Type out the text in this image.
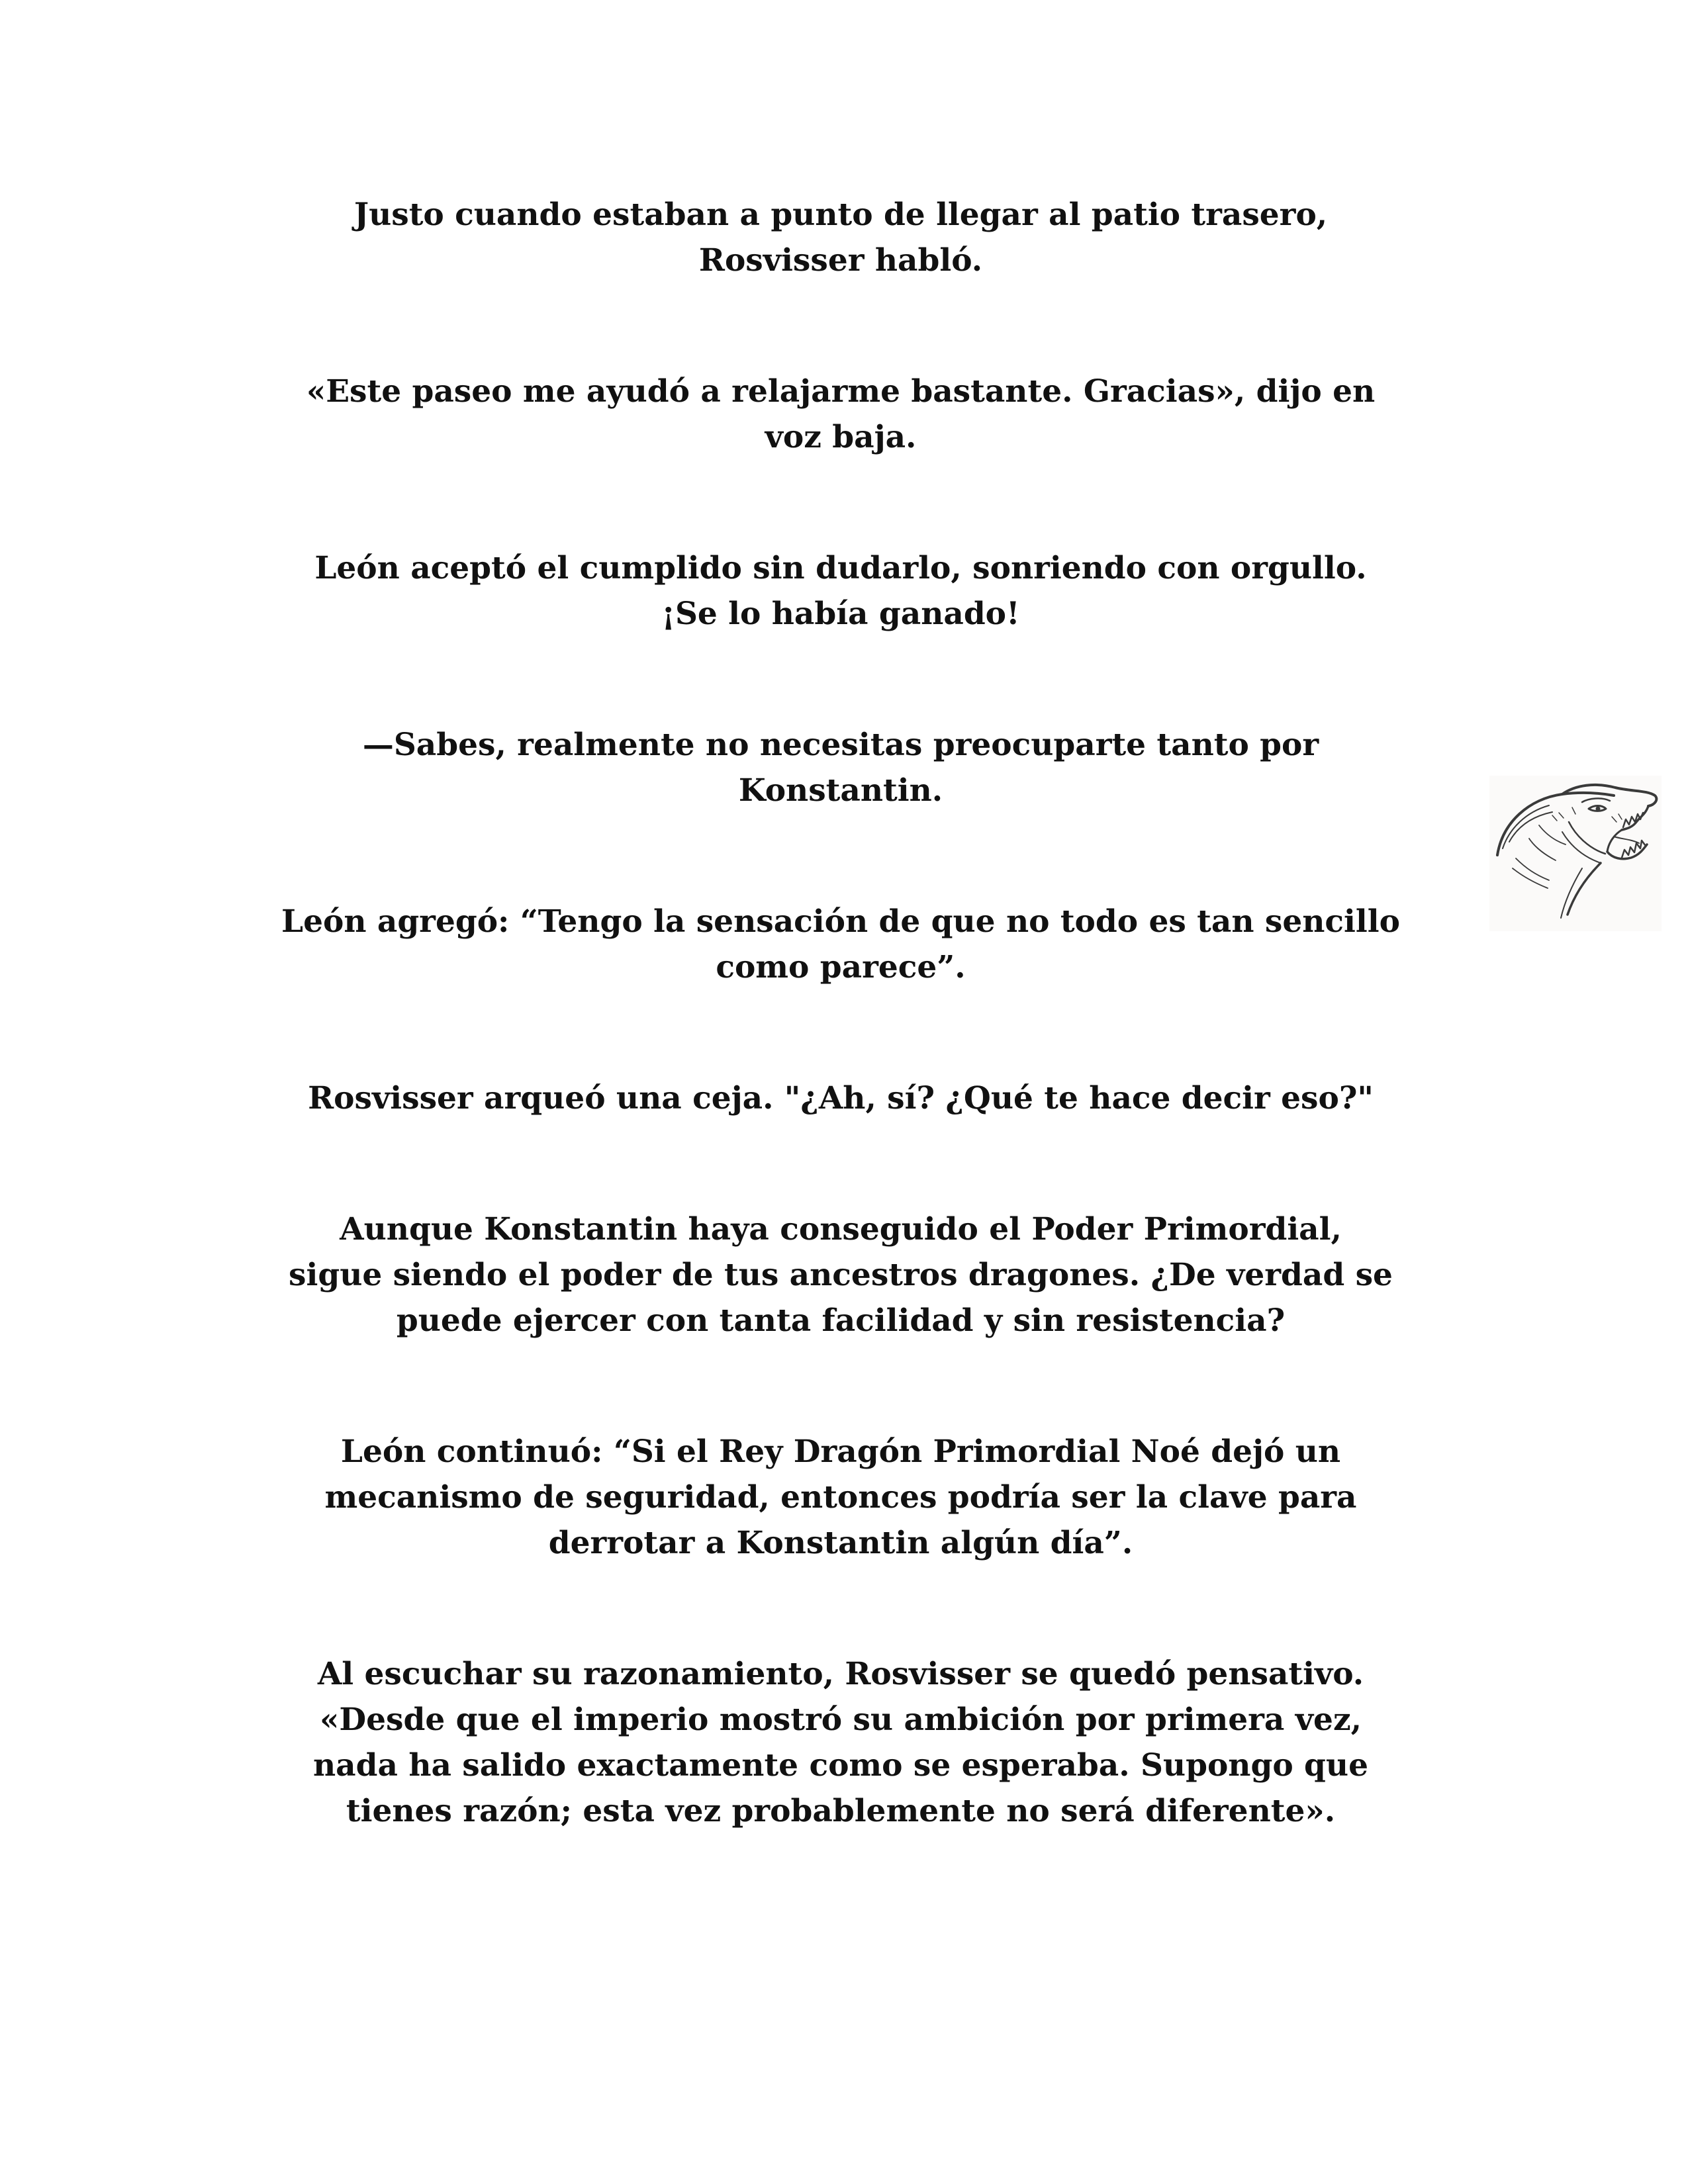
Justo cuando estaban a punto de llegar al patio trasero,
Rosvisser habló.

«Este paseo me ayudó a relajarme bastante. Gracias», dijo en
voz baja.

León aceptó el cumplido sin dudarlo, sonriendo con orgullo.
¡Se lo había ganado!

—Sabes, realmente no necesitas preocuparte tanto por
Konstantin.

León agregó: “Tengo la sensación de que no todo es tan sencillo
como parece”.

Rosvisser arqueó una ceja. "¿Ah, sí? ¿Qué te hace decir eso?"

Aunque Konstantin haya conseguido el Poder Primordial,
sigue siendo el poder de tus ancestros dragones. ¿De verdad se
puede ejercer con tanta facilidad y sin resistencia?

León continuó: “Si el Rey Dragón Primordial Noé dejó un
mecanismo de seguridad, entonces podría ser la clave para
derrotar a Konstantin algún día”.

Al escuchar su razonamiento, Rosvisser se quedó pensativo.
«Desde que el imperio mostró su ambición por primera vez,
nada ha salido exactamente como se esperaba. Supongo que
tienes razón; esta vez probablemente no será diferente».
